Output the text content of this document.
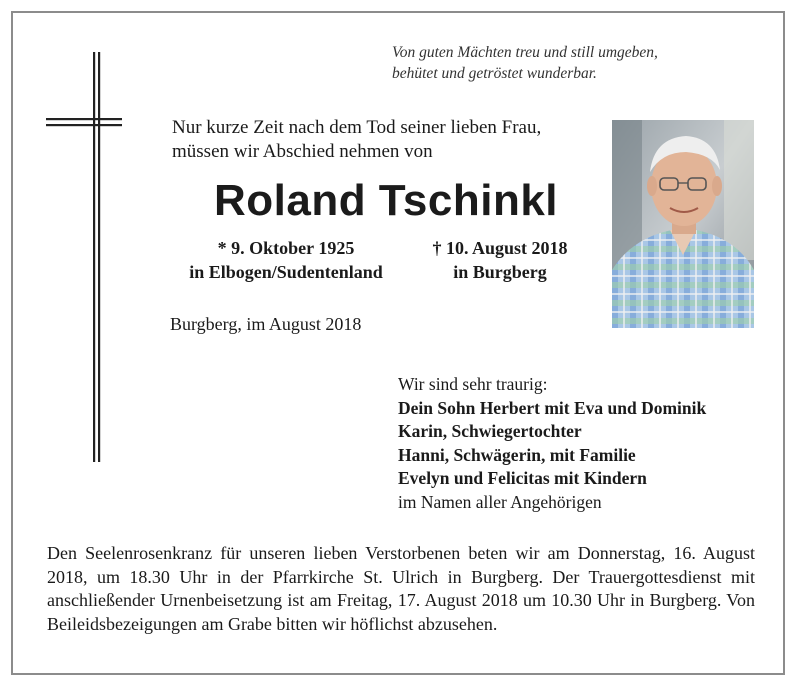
Von guten Mächten treu und still umgeben,
behütet und getröstet wunderbar.
Nur kurze Zeit nach dem Tod seiner lieben Frau,
müssen wir Abschied nehmen von
Roland Tschinkl
* 9. Oktober 1925
in Elbogen/Sudentenland
† 10. August 2018
in Burgberg
Burgberg, im August 2018
Wir sind sehr traurig:
Dein Sohn Herbert mit Eva und Dominik
Karin, Schwiegertochter
Hanni, Schwägerin, mit Familie
Evelyn und Felicitas mit Kindern
im Namen aller Angehörigen
Den Seelenrosenkranz für unseren lieben Verstorbenen beten wir am Donnerstag, 16. August 2018, um 18.30 Uhr in der Pfarrkirche St. Ulrich in Burgberg. Der Trauergottesdienst mit anschließender Urnenbeisetzung ist am Freitag, 17. August 2018 um 10.30 Uhr in Burgberg. Von Beileidsbezeigungen am Grabe bitten wir höflichst abzusehen.
